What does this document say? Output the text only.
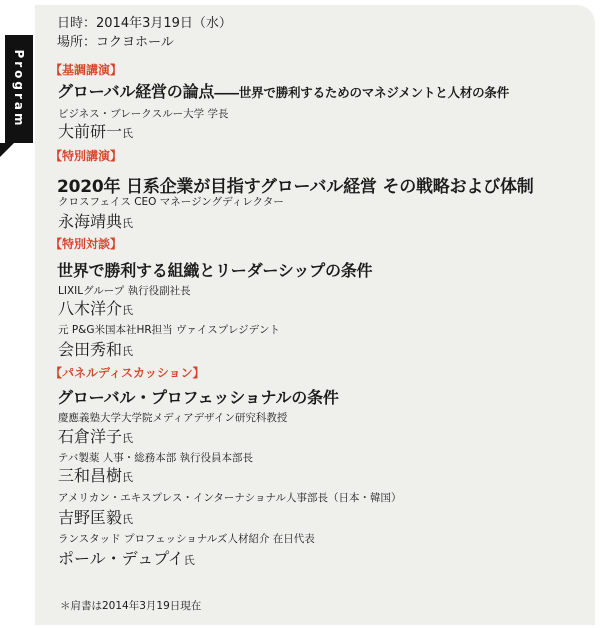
Program
日時：2014年3月19日（水）
場所：コクヨホール
【基調講演】
グローバル経営の論点――世界で勝利するためのマネジメントと人材の条件
ビジネス・ブレークスルー大学 学長
大前研一氏
【特別講演】
2020年 日系企業が目指すグローバル経営 その戦略および体制
クロスフェイス CEO マネージングディレクター
永海靖典氏
【特別対談】
世界で勝利する組織とリーダーシップの条件
LIXILグループ 執行役副社長
八木洋介氏
元 P&G米国本社HR担当 ヴァイスプレジデント
会田秀和氏
【パネルディスカッション】
グローバル・プロフェッショナルの条件
慶應義塾大学大学院メディアデザイン研究科教授
石倉洋子氏
テバ製薬 人事・総務本部 執行役員本部長
三和昌樹氏
アメリカン・エキスプレス・インターナショナル人事部長（日本・韓国）
吉野匡毅氏
ランスタッド プロフェッショナルズ人材紹介 在日代表
ポール・デュプイ氏
＊肩書は2014年3月19日現在
